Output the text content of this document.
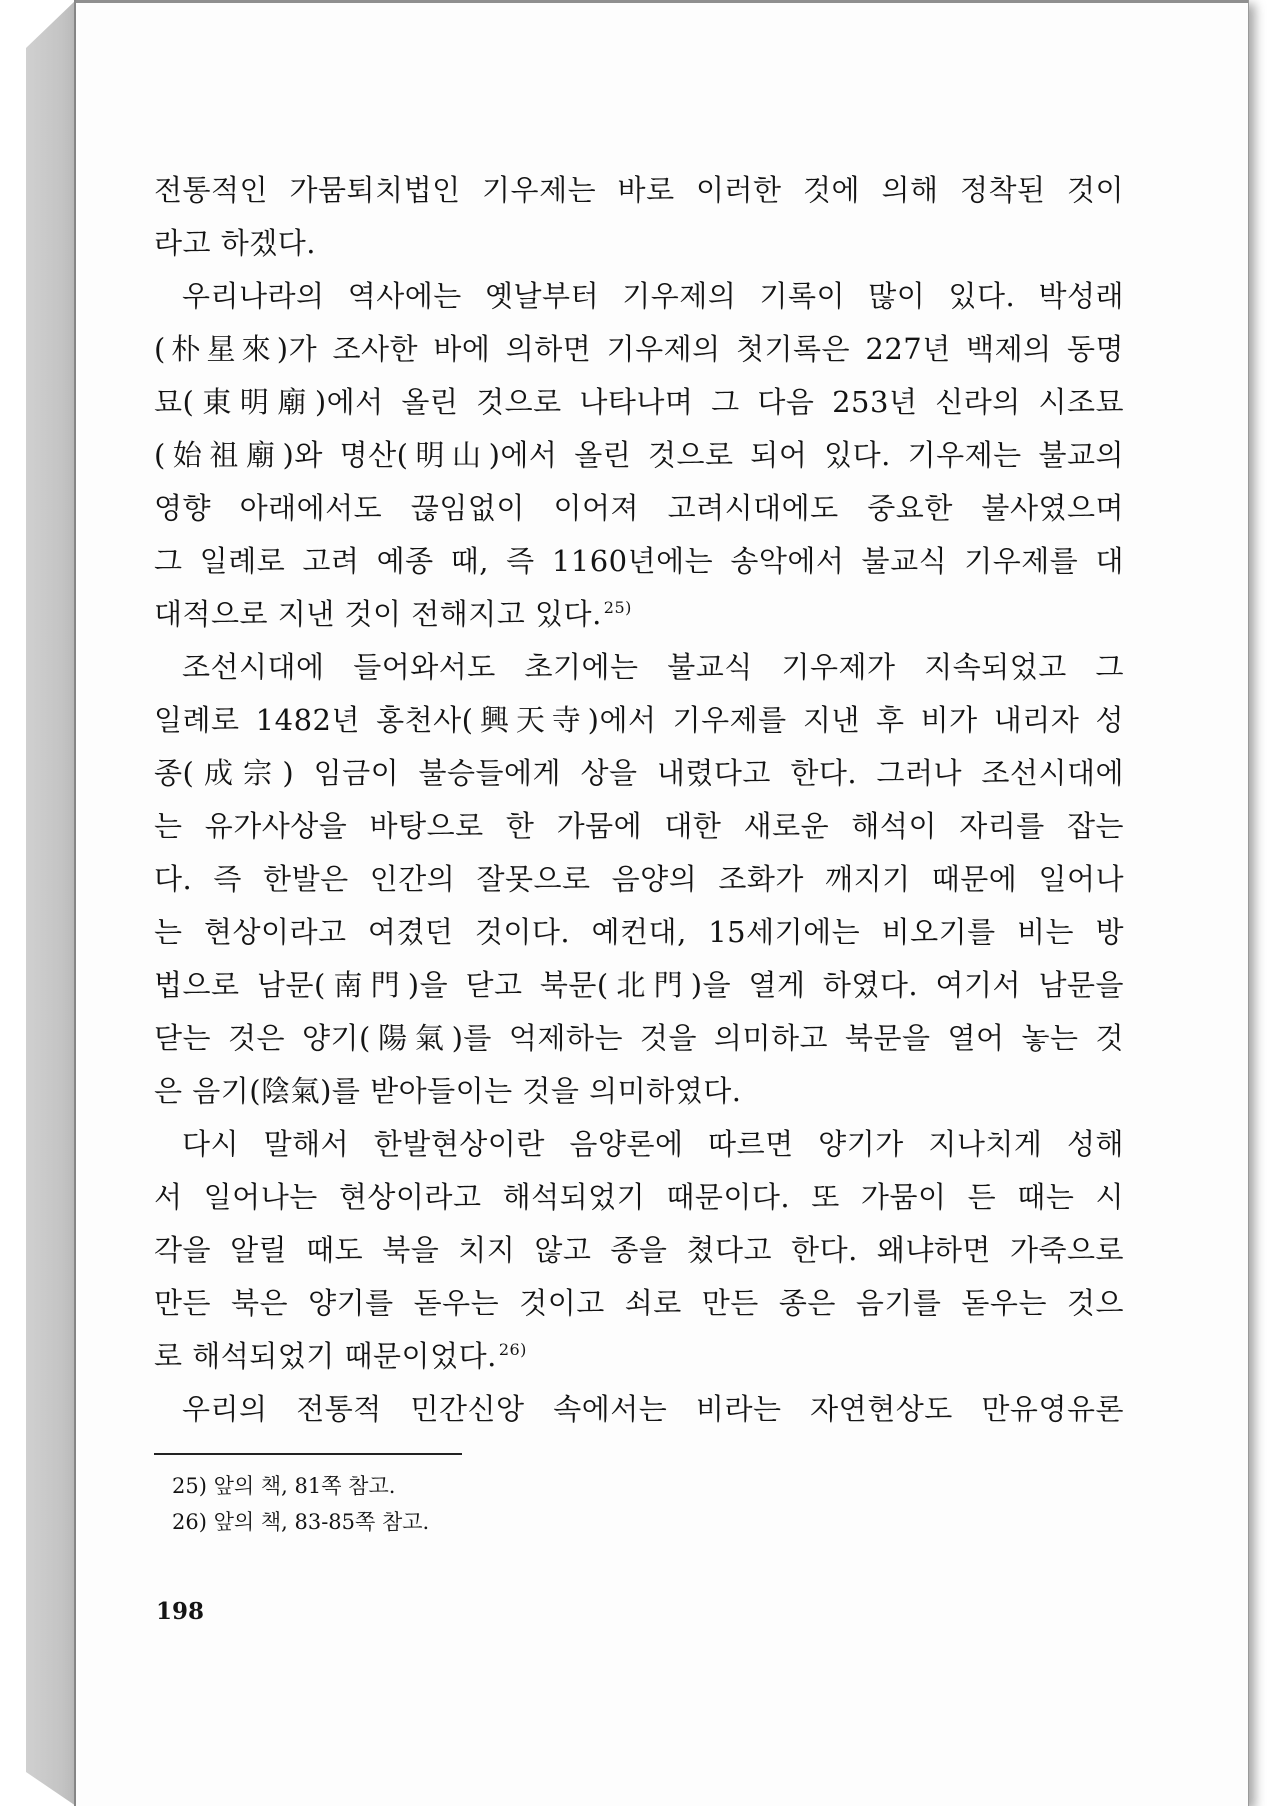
전통적인 가뭄퇴치법인 기우제는 바로 이러한 것에 의해 정착된 것이
라고 하겠다.
우리나라의 역사에는 옛날부터 기우제의 기록이 많이 있다. 박성래
(朴星來)가 조사한 바에 의하면 기우제의 첫기록은 227년 백제의 동명
묘(東明廟)에서 올린 것으로 나타나며 그 다음 253년 신라의 시조묘
(始祖廟)와 명산(明山)에서 올린 것으로 되어 있다. 기우제는 불교의
영향 아래에서도 끊임없이 이어져 고려시대에도 중요한 불사였으며
그 일례로 고려 예종 때, 즉 1160년에는 송악에서 불교식 기우제를 대
대적으로 지낸 것이 전해지고 있다. $^{25)}$
조선시대에 들어와서도 초기에는 불교식 기우제가 지속되었고 그
일례로 1482년 홍천사(興天寺)에서 기우제를 지낸 후 비가 내리자 성
종(成宗) 임금이 불승들에게 상을 내렸다고 한다. 그러나 조선시대에
는 유가사상을 바탕으로 한 가뭄에 대한 새로운 해석이 자리를 잡는
다. 즉 한발은 인간의 잘못으로 음양의 조화가 깨지기 때문에 일어나
는 현상이라고 여겼던 것이다. 예컨대, 15세기에는 비오기를 비는 방
법으로 남문(南門)을 닫고 북문(北門)을 열게 하였다. 여기서 남문을
닫는 것은 양기(陽氣)를 억제하는 것을 의미하고 북문을 열어 놓는 것
은 음기(陰氣)를 받아들이는 것을 의미하였다.
다시 말해서 한발현상이란 음양론에 따르면 양기가 지나치게 성해
서 일어나는 현상이라고 해석되었기 때문이다. 또 가뭄이 든 때는 시
각을 알릴 때도 북을 치지 않고 종을 쳤다고 한다. 왜냐하면 가죽으로
만든 북은 양기를 돋우는 것이고 쇠로 만든 종은 음기를 돋우는 것으
로 해석되었기 때문이었다. $^{26)}$
우리의 전통적 민간신앙 속에서는 비라는 자연현상도 만유영유론
25) 앞의 책, 81쪽 참고.
26) 앞의 책, 83-85쪽 참고.
198
